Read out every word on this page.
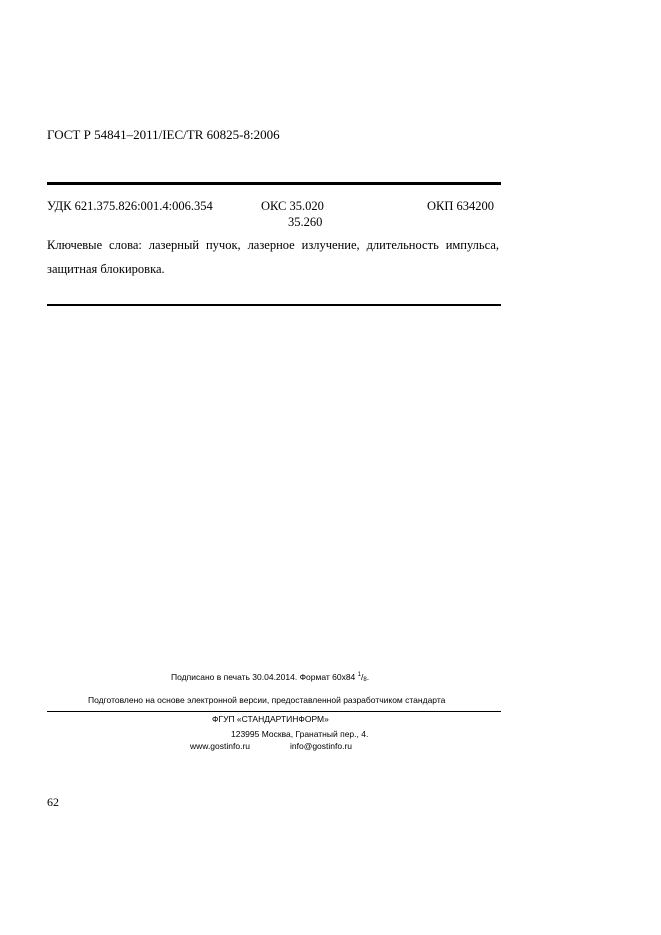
ГОСТ Р 54841–2011/IEC/TR 60825-8:2006
УДК 621.375.826:001.4:006.354	ОКС 35.020
35.260
ОКП 634200
Ключевые слова: лазерный пучок, лазерное излучение, длительность импульса, защитная блокировка.
Подписано в печать 30.04.2014. Формат 60х84 $^1/_8$.
Подготовлено на основе электронной версии, предоставленной разработчиком стандарта
ФГУП «СТАНДАРТИНФОРМ»
123995 Москва, Гранатный пер., 4.
www.gostinfo.ru	info@gostinfo.ru
62
